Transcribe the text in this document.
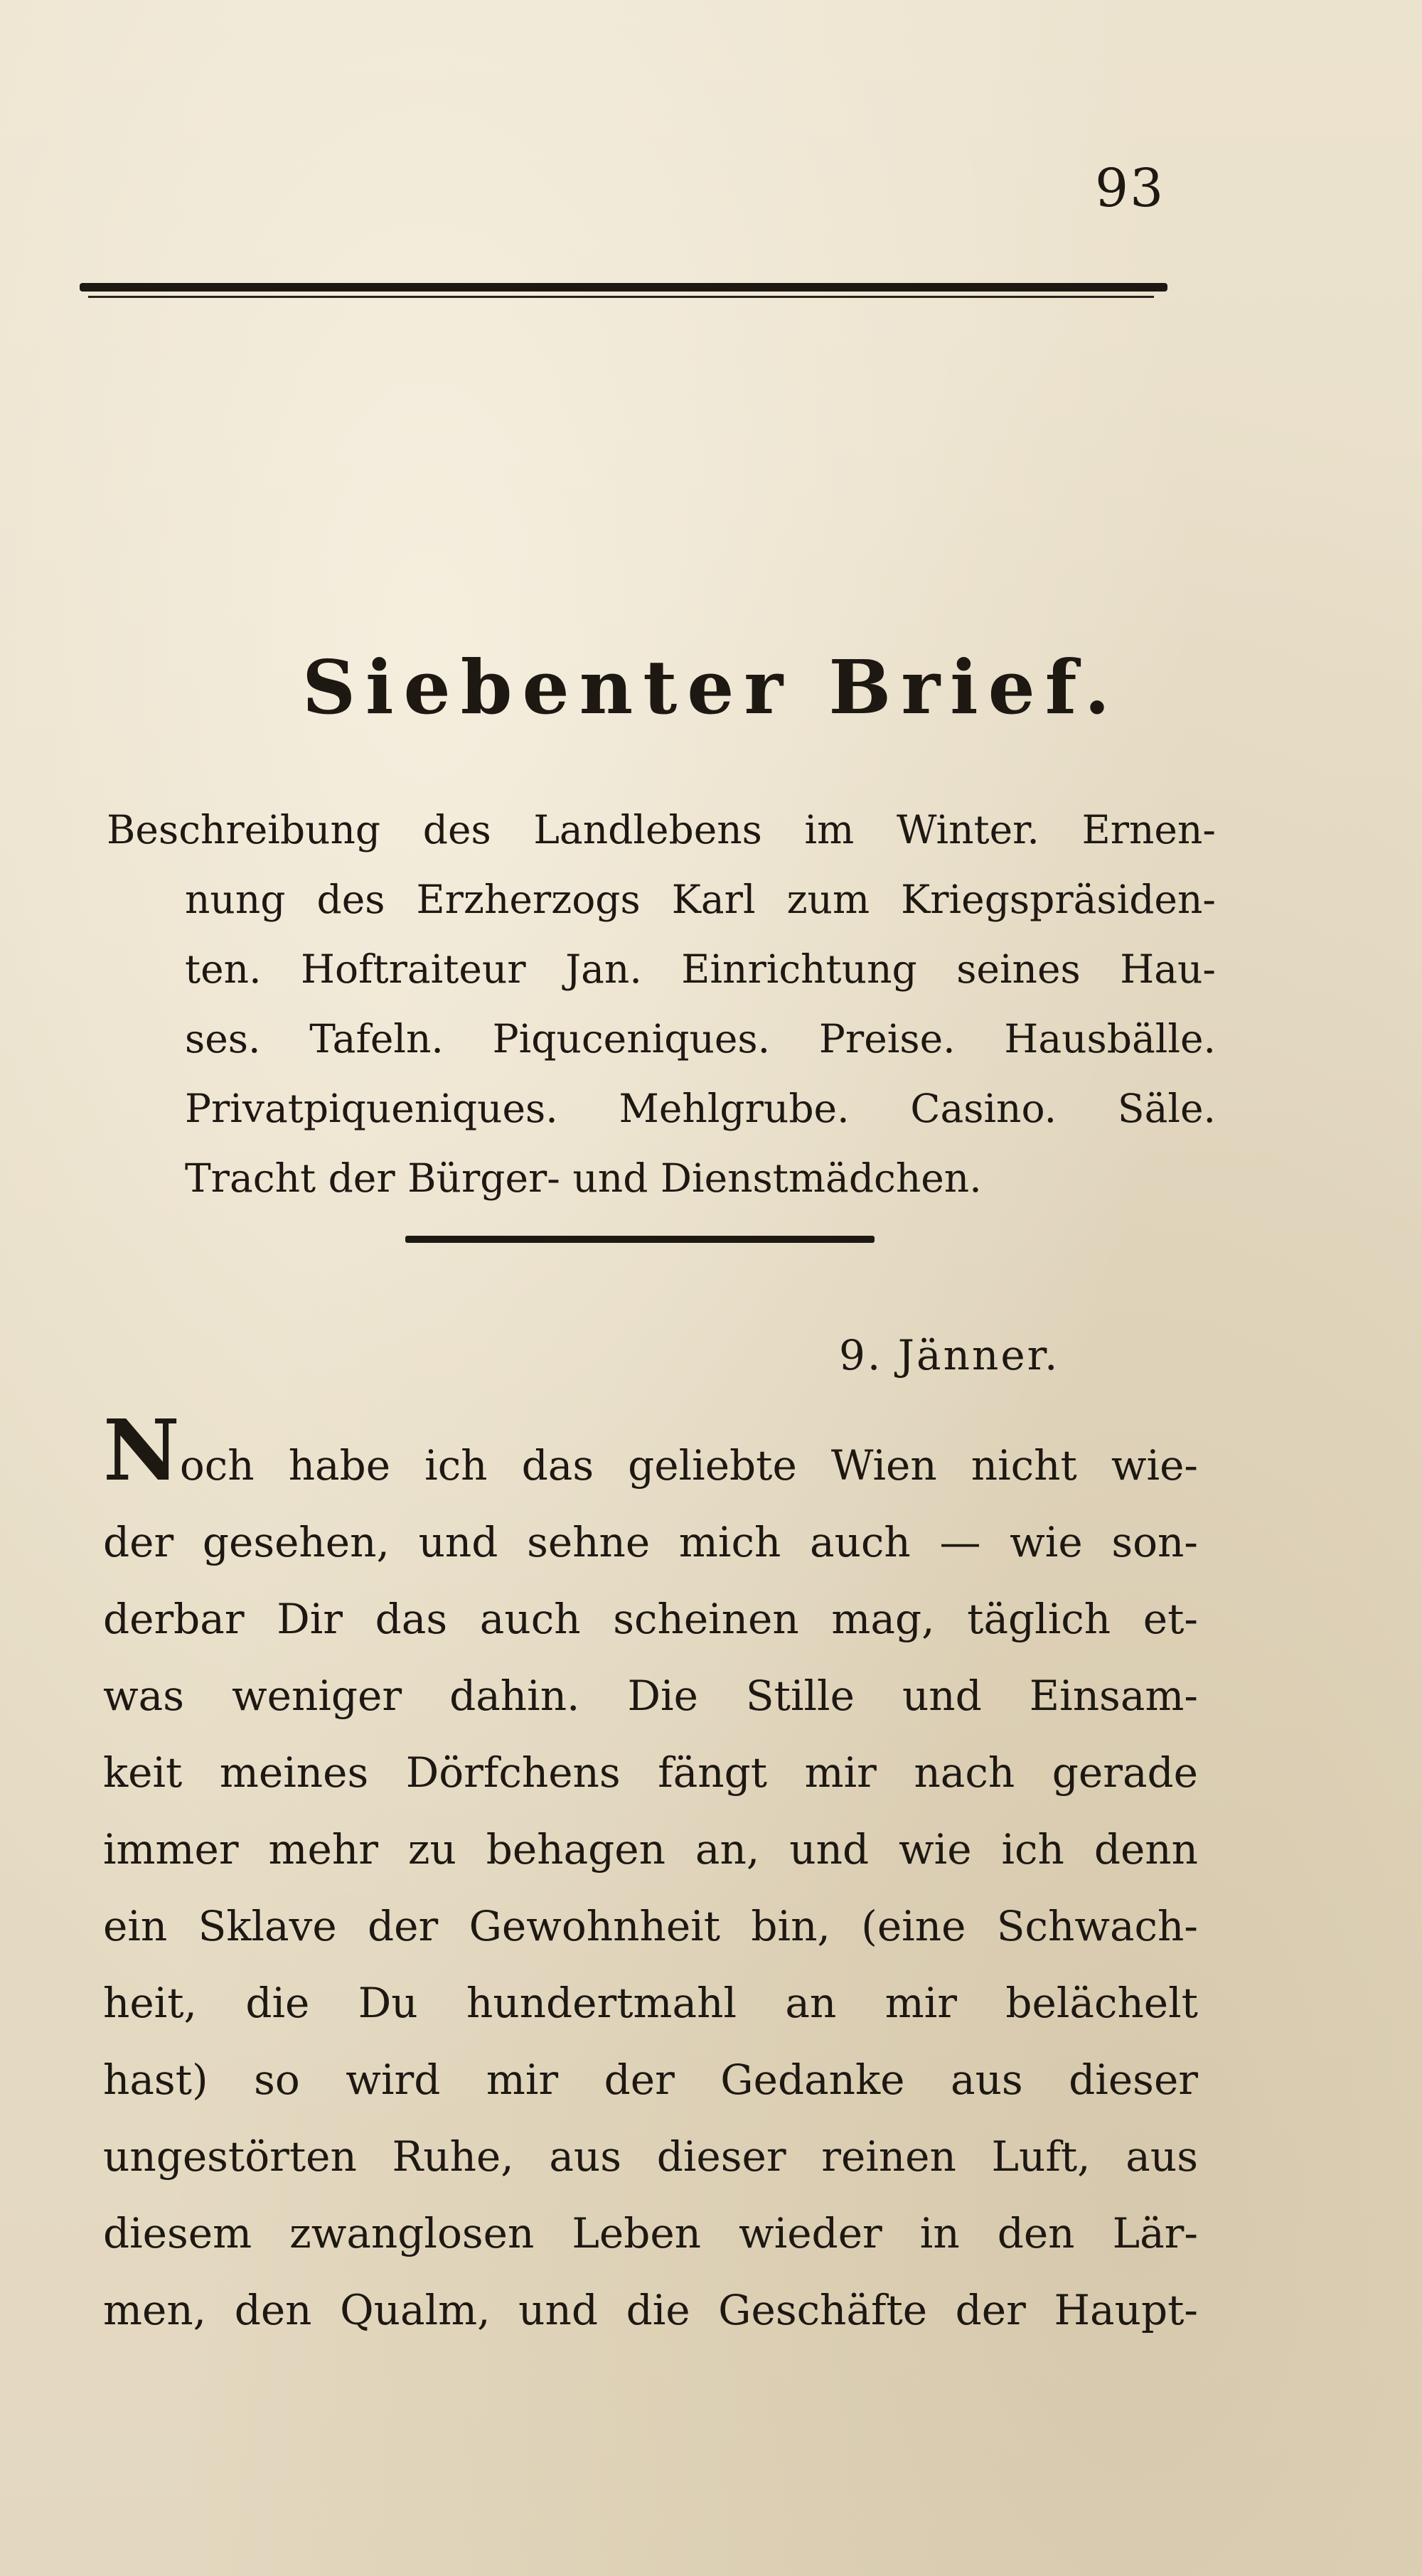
93
Siebenter Brief.
Beschreibung des Landlebens im Winter. Ernen-
nung des Erzherzogs Karl zum Kriegspräsiden-
ten. Hoftraiteur Jan. Einrichtung seines Hau-
ses. Tafeln. Piquceniques. Preise. Hausbälle.
Privatpiqueniques. Mehlgrube. Casino. Säle.
Tracht der Bürger- und Dienstmädchen.
9. Jänner.
Noch habe ich das geliebte Wien nicht wie-
der gesehen, und sehne mich auch — wie son-
derbar Dir das auch scheinen mag, täglich et-
was weniger dahin. Die Stille und Einsam-
keit meines Dörfchens fängt mir nach gerade
immer mehr zu behagen an, und wie ich denn
ein Sklave der Gewohnheit bin, (eine Schwach-
heit, die Du hundertmahl an mir belächelt
hast) so wird mir der Gedanke aus dieser
ungestörten Ruhe, aus dieser reinen Luft, aus
diesem zwanglosen Leben wieder in den Lär-
men, den Qualm, und die Geschäfte der Haupt-
